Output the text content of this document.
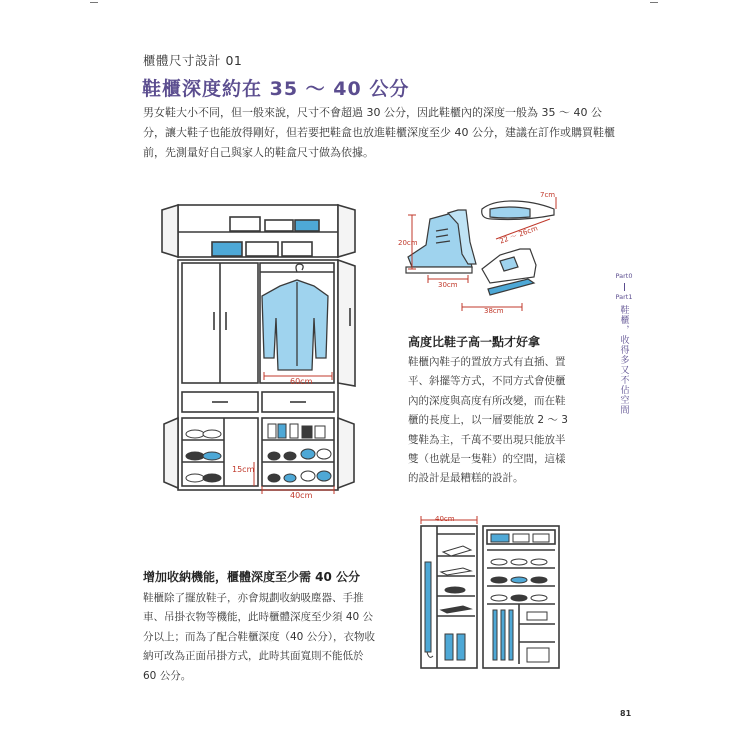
櫃體尺寸設計 01
鞋櫃深度約在 35 ～ 40 公分
男女鞋大小不同，但一般來說，尺寸不會超過 30 公分，因此鞋櫃內的深度一般為 35 ～ 40 公分，讓大鞋子也能放得剛好，但若要把鞋盒也放進鞋櫃深度至少 40 公分，建議在訂作或購買鞋櫃前，先測量好自己與家人的鞋盒尺寸做為依據。
60cm
15cm
40cm
20cm
30cm
7cm
22 ～ 26cm
38cm
高度比鞋子高一點才好拿
鞋櫃內鞋子的置放方式有直插、置平、斜擺等方式，不同方式會使櫃內的深度與高度有所改變，而在鞋櫃的長度上，以一層要能放 2 ～ 3 雙鞋為主，千萬不要出現只能放半雙（也就是一隻鞋）的空間，這樣的設計是最糟糕的設計。
40cm
增加收納機能，櫃體深度至少需 40 公分
鞋櫃除了擺放鞋子，亦會規劃收納吸塵器、手推車、吊掛衣物等機能，此時櫃體深度至少須 40 公分以上；而為了配合鞋櫃深度（40 公分），衣物收納可改為正面吊掛方式，此時其面寬則不能低於 60 公分。
Part0
Part1
鞋櫃，收得多又不佔空間
81
